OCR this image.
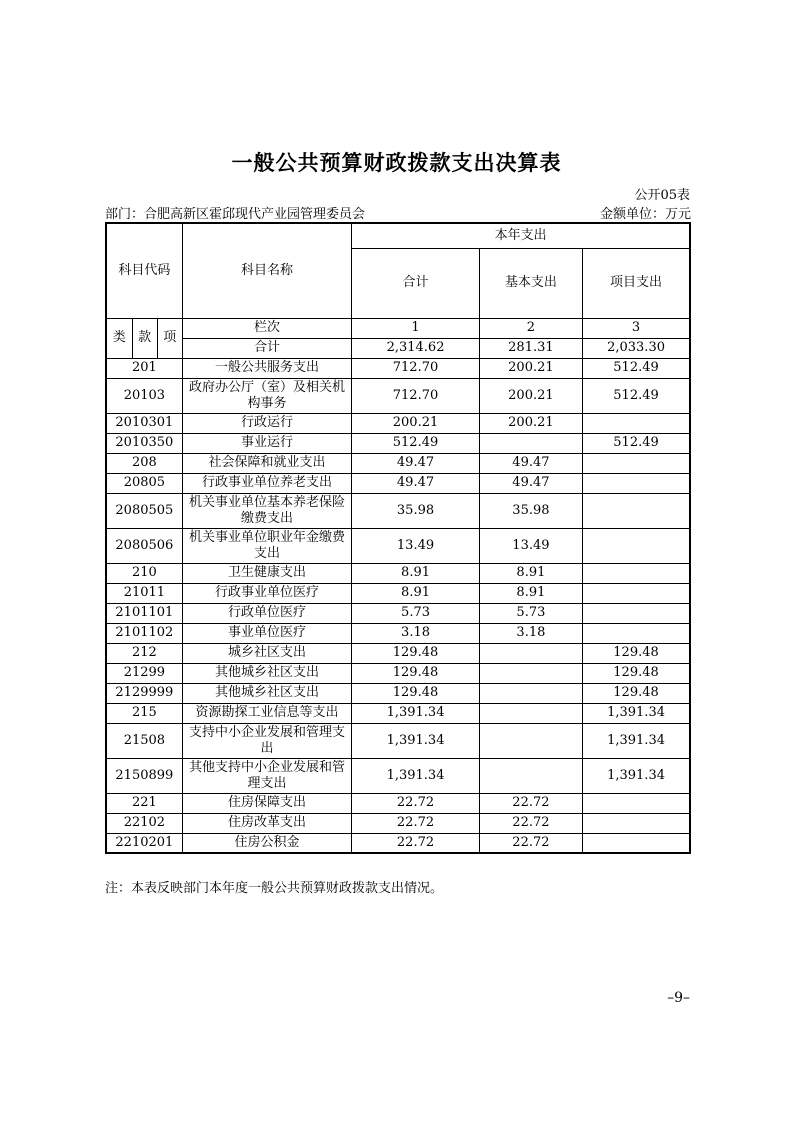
一般公共预算财政拨款支出决算表
公开05表
部门：合肥高新区霍邱现代产业园管理委员会	金额单位：万元
科目代码			科目名称	本年支出		
				合计	基本支出	项目支出
类	款	项	栏次	1	2	3
			合计	2,314.62	281.31	2,033.30
201			一般公共服务支出	712.70	200.21	512.49
20103			政府办公厅（室）及相关机构事务	712.70	200.21	512.49
2010301			行政运行	200.21	200.21	
2010350			事业运行	512.49		512.49
208			社会保障和就业支出	49.47	49.47	
20805			行政事业单位养老支出	49.47	49.47	
2080505			机关事业单位基本养老保险缴费支出	35.98	35.98	
2080506			机关事业单位职业年金缴费支出	13.49	13.49	
210			卫生健康支出	8.91	8.91	
21011			行政事业单位医疗	8.91	8.91	
2101101			行政单位医疗	5.73	5.73	
2101102			事业单位医疗	3.18	3.18	
212			城乡社区支出	129.48		129.48
21299			其他城乡社区支出	129.48		129.48
2129999			其他城乡社区支出	129.48		129.48
215			资源勘探工业信息等支出	1,391.34		1,391.34
21508			支持中小企业发展和管理支出	1,391.34		1,391.34
2150899			其他支持中小企业发展和管理支出	1,391.34		1,391.34
221			住房保障支出	22.72	22.72	
22102			住房改革支出	22.72	22.72	
2210201			住房公积金	22.72	22.72	
注：本表反映部门本年度一般公共预算财政拨款支出情况。
–9–
